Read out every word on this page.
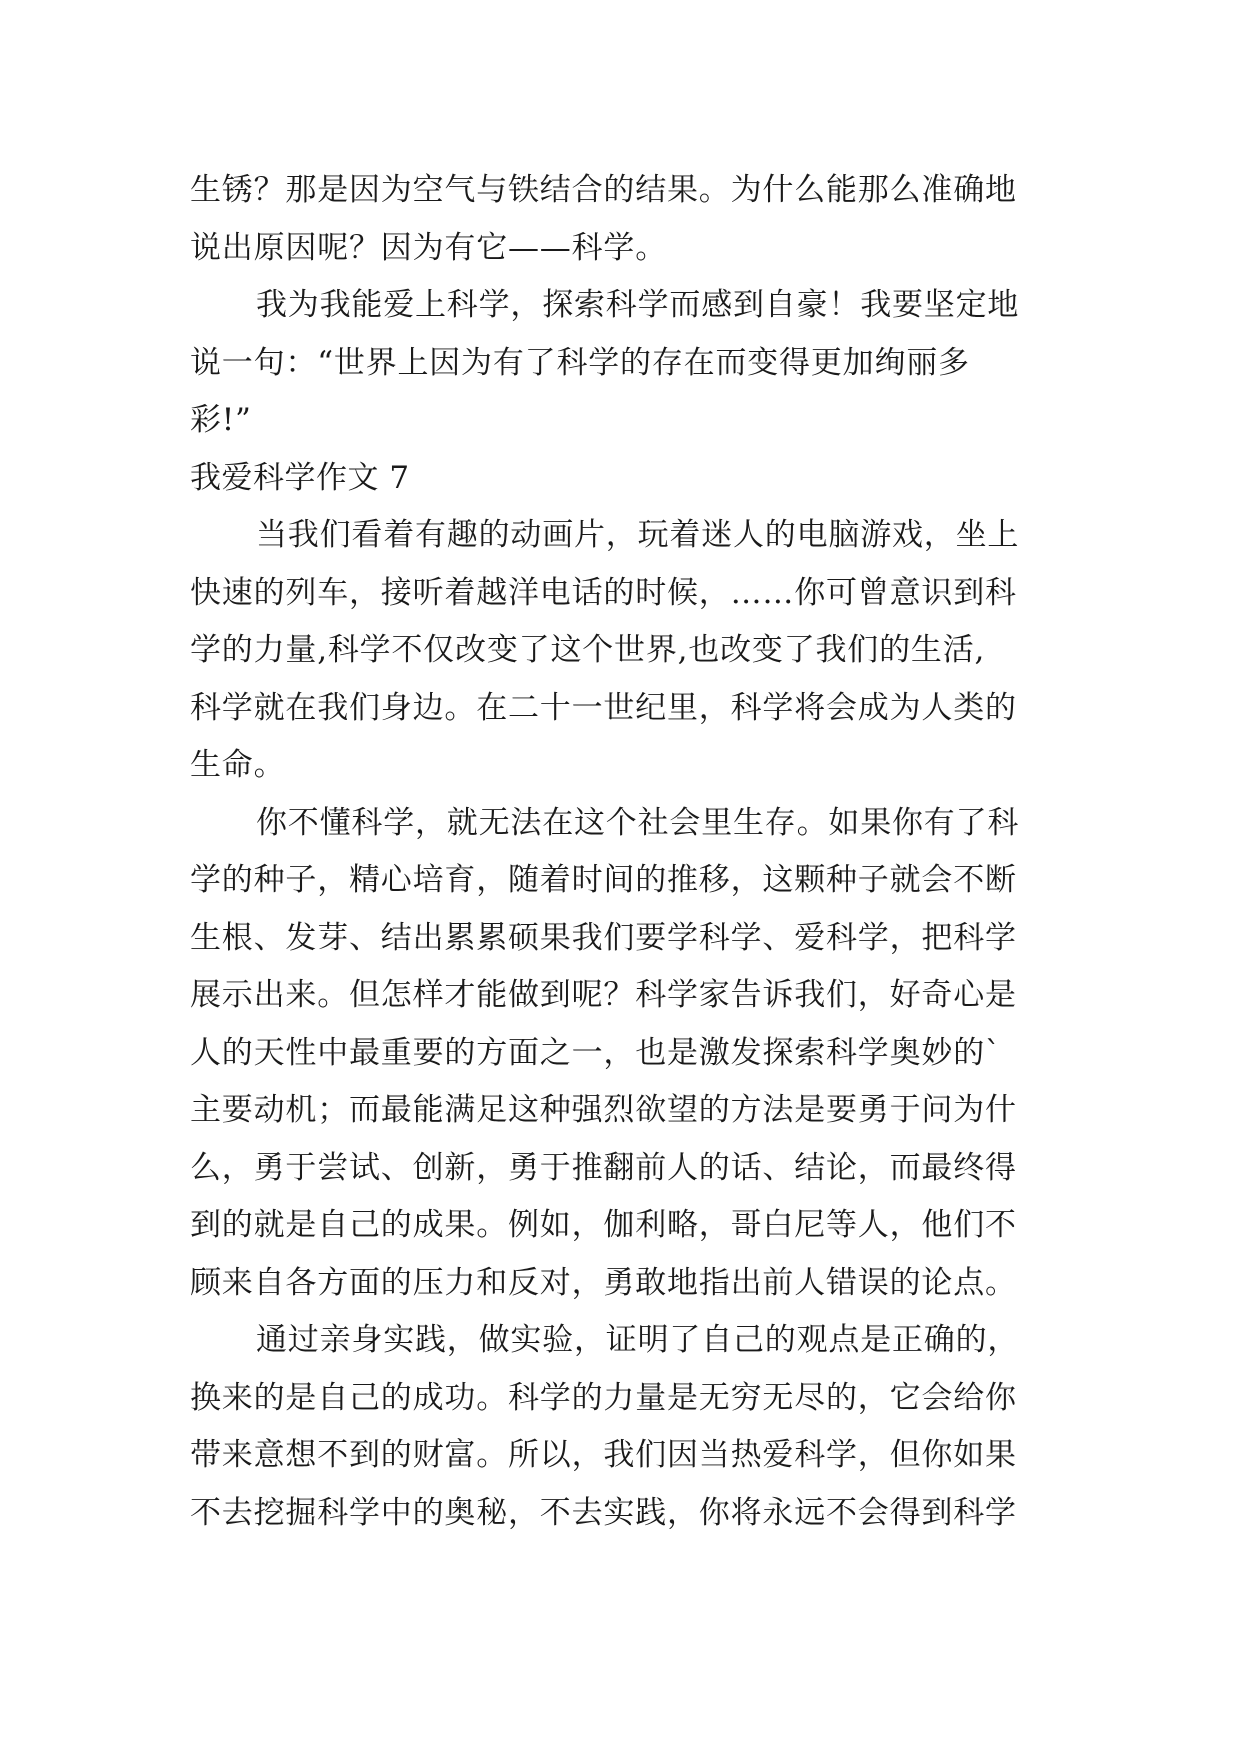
生锈？那是因为空气与铁结合的结果。为什么能那么准确地
说出原因呢？因为有它——科学。
我为我能爱上科学，探索科学而感到自豪！我要坚定地
说一句：“世界上因为有了科学的存在而变得更加绚丽多
彩!”
我爱科学作文 7
当我们看着有趣的动画片，玩着迷人的电脑游戏，坐上
快速的列车，接听着越洋电话的时候，……你可曾意识到科
学的力量,科学不仅改变了这个世界,也改变了我们的生活,
科学就在我们身边。在二十一世纪里，科学将会成为人类的
生命。
你不懂科学，就无法在这个社会里生存。如果你有了科
学的种子，精心培育，随着时间的推移，这颗种子就会不断
生根、发芽、结出累累硕果我们要学科学、爱科学，把科学
展示出来。但怎样才能做到呢？科学家告诉我们，好奇心是
人的天性中最重要的方面之一，也是激发探索科学奥妙的`
主要动机；而最能满足这种强烈欲望的方法是要勇于问为什
么，勇于尝试、创新，勇于推翻前人的话、结论，而最终得
到的就是自己的成果。例如，伽利略，哥白尼等人，他们不
顾来自各方面的压力和反对，勇敢地指出前人错误的论点。
通过亲身实践，做实验，证明了自己的观点是正确的，
换来的是自己的成功。科学的力量是无穷无尽的，它会给你
带来意想不到的财富。所以，我们因当热爱科学，但你如果
不去挖掘科学中的奥秘，不去实践，你将永远不会得到科学
